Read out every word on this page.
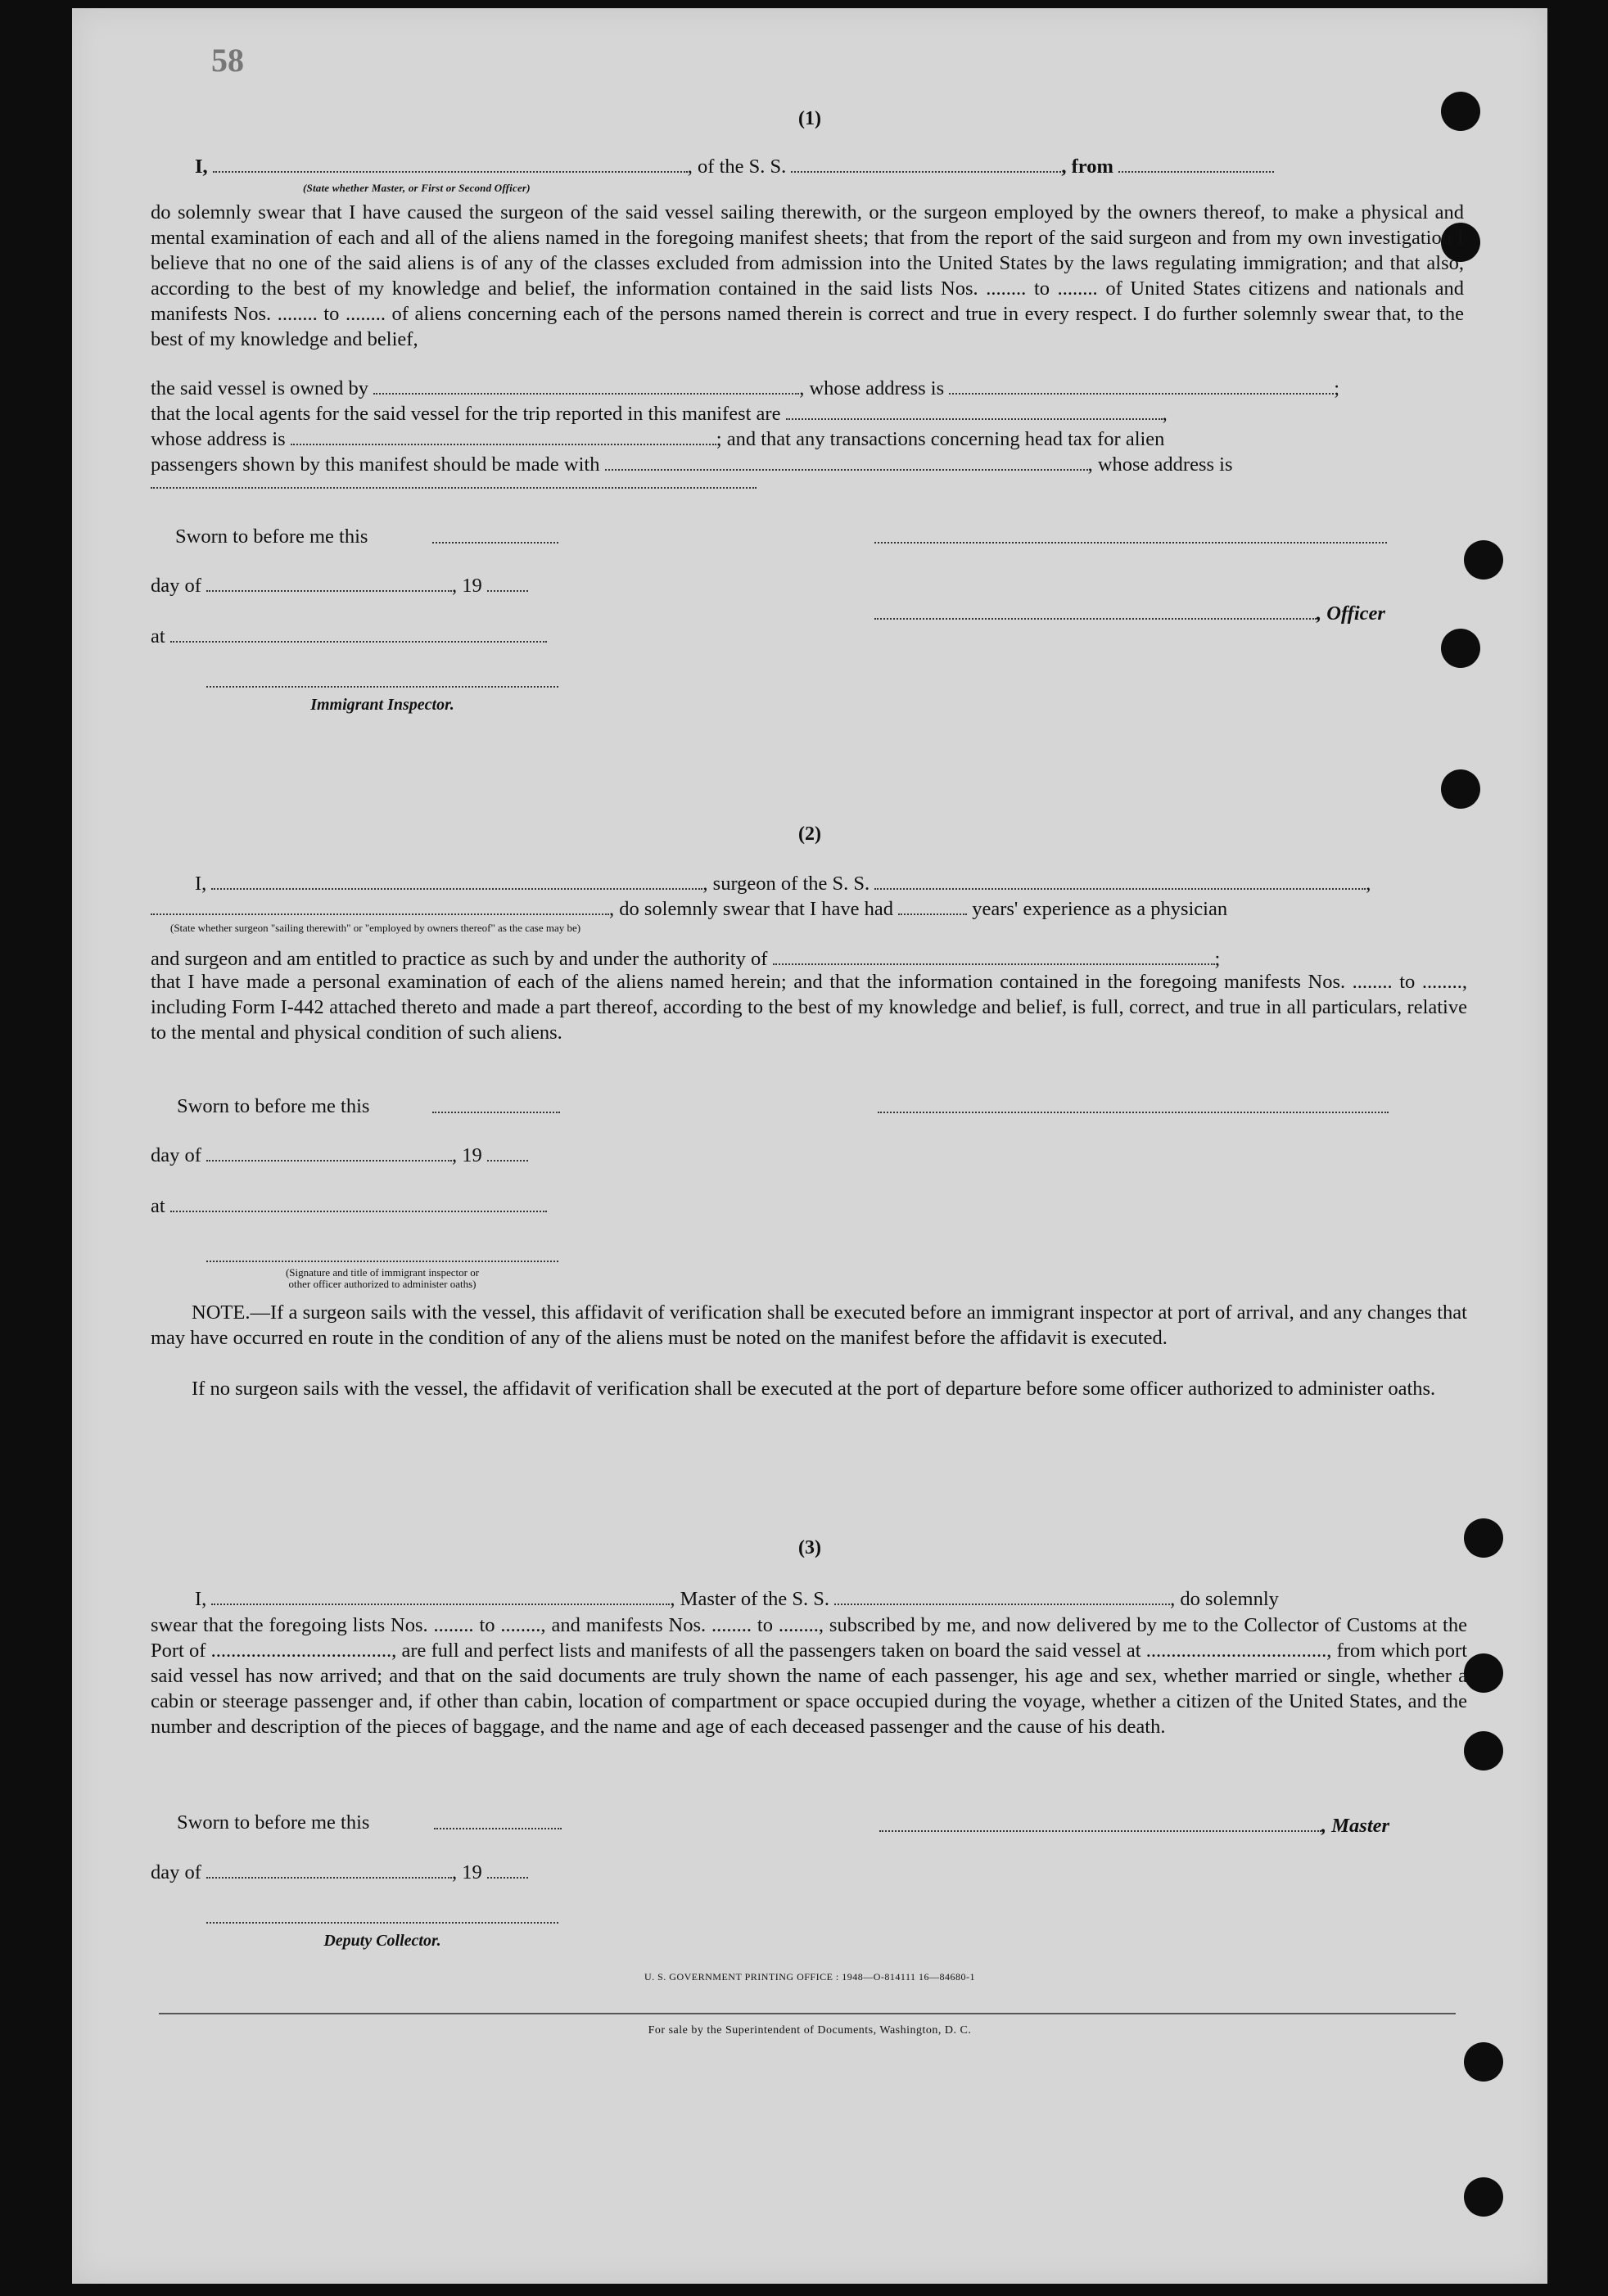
58
(1)
I,	, of the S. S.	, from
(State whether Master, or First or Second Officer)
do solemnly swear that I have caused the surgeon of the said vessel sailing therewith, or the surgeon employed by the owners thereof, to make a physical and mental examination of each and all of the aliens named in the foregoing manifest sheets; that from the report of the said surgeon and from my own investigation I believe that no one of the said aliens is of any of the classes excluded from admission into the United States by the laws regulating immigration; and that also, according to the best of my knowledge and belief, the information contained in the said lists Nos. ........ to ........ of United States citizens and nationals and manifests Nos. ........ to ........ of aliens concerning each of the persons named therein is correct and true in every respect. I do further solemnly swear that, to the best of my knowledge and belief,
the said vessel is owned by	, whose address is	;
that the local agents for the said vessel for the trip reported in this manifest are	,
whose address is	; and that any transactions concerning head tax for alien
passengers shown by this manifest should be made with	, whose address is
Sworn to before me this
day of	, 19
, Officer
at
Immigrant Inspector.
(2)
I,	, surgeon of the S. S.	,
, do solemnly swear that I have had	years' experience as a physician
(State whether surgeon "sailing therewith" or "employed by owners thereof" as the case may be)
and surgeon and am entitled to practice as such by and under the authority of	;
that I have made a personal examination of each of the aliens named herein; and that the information contained in the foregoing manifests Nos. ........ to ........, including Form I-442 attached thereto and made a part thereof, according to the best of my knowledge and belief, is full, correct, and true in all particulars, relative to the mental and physical condition of such aliens.
Sworn to before me this
day of	, 19
at
(Signature and title of immigrant inspector or
other officer authorized to administer oaths)
NOTE.—If a surgeon sails with the vessel, this affidavit of verification shall be executed before an immigrant inspector at port of arrival, and any changes that may have occurred en route in the condition of any of the aliens must be noted on the manifest before the affidavit is executed.
If no surgeon sails with the vessel, the affidavit of verification shall be executed at the port of departure before some officer authorized to administer oaths.
(3)
I,	, Master of the S. S.	, do solemnly
swear that the foregoing lists Nos. ........ to ........, and manifests Nos. ........ to ........, subscribed by me, and now delivered by me to the Collector of Customs at the Port of ...................................., are full and perfect lists and manifests of all the passengers taken on board the said vessel at ...................................., from which port said vessel has now arrived; and that on the said documents are truly shown the name of each passenger, his age and sex, whether married or single, whether a cabin or steerage passenger and, if other than cabin, location of compartment or space occupied during the voyage, whether a citizen of the United States, and the number and description of the pieces of baggage, and the name and age of each deceased passenger and the cause of his death.
Sworn to before me this	, Master
day of	, 19
Deputy Collector.
U. S. GOVERNMENT PRINTING OFFICE : 1948—O-814111 16—84680-1
For sale by the Superintendent of Documents, Washington, D. C.
